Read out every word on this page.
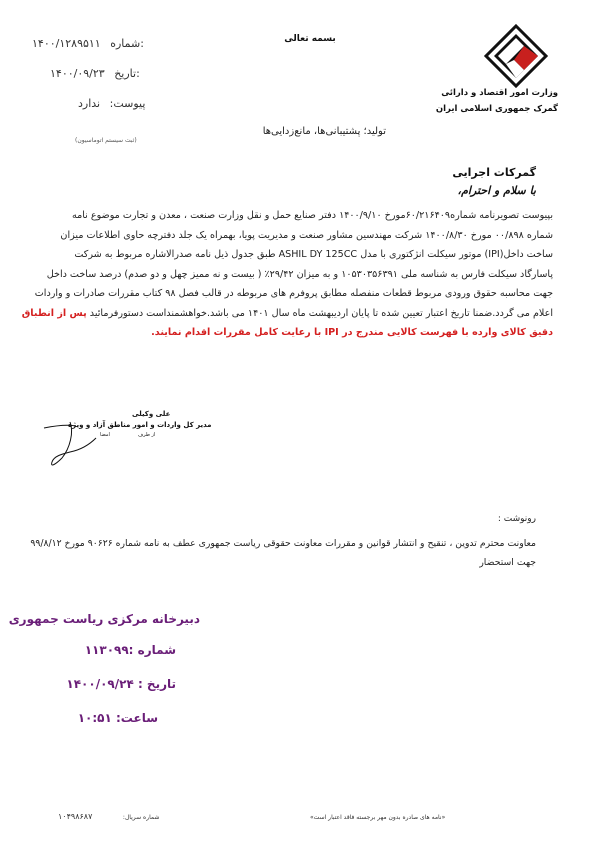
بسمه تعالی
وزارت امور اقتصاد و دارائی
گمرک جمهوری اسلامی ایران
۱۴۰۰/۱۲۸۹۵۱۱ شماره:
۱۴۰۰/۰۹/۲۳ تاریخ:
پیوست: ندارد
(ثبت سیستم اتوماسیون)
تولید؛ پشتیبانی‌ها، مانع‌زدایی‌ها
گمرکات اجرایی
با سلام و احترام،
بپیوست تصویرنامه شماره۶۰/۲۱۶۴۰۹مورخ ۱۴۰۰/۹/۱۰ دفتر صنایع حمل و نقل وزارت صنعت ، معدن و تجارت موضوع نامه
شماره ۰۰/۸۹۸ مورخ ۱۴۰۰/۸/۳۰ شرکت مهندسین مشاور صنعت و مدیریت پویا، بهمراه یک جلد دفترچه حاوی اطلاعات میزان
ساخت داخل(IPI) موتور سیکلت انژکتوری با مدل ASHIL DY 125CC طبق جدول ذیل نامه صدرالاشاره مربوط به شرکت
پاسارگاد سیکلت فارس به شناسه ملی ۱۰۵۳۰۳۵۶۳۹۱ و به میزان ۲۹/۴۲٪ ( بیست و نه ممیز چهل و دو صدم) درصد ساخت داخل
جهت محاسبه حقوق ورودی مربوط قطعات منفصله مطابق پروفرم های مربوطه در قالب فصل ۹۸ کتاب مقررات صادرات و واردات
اعلام می گردد.ضمنا تاریخ اعتبار تعیین شده تا پایان اردیبهشت ماه سال ۱۴۰۱ می باشد.خواهشمنداست دستورفرمائید پس از انطباق
دقیق کالای وارده با فهرست کالایی مندرج در IPI با رعایت کامل مقررات اقدام نمایند.
علی وکیلی
مدیر کل واردات و امور مناطق آزاد و ویژه
از طرف
امضا
رونوشت :
معاونت محترم تدوین ، تنقیح و انتشار قوانین و مقررات معاونت حقوقی ریاست جمهوری عطف به نامه شماره ۹۰۶۲۶ مورخ ۹۹/۸/۱۲
جهت استحضار
دبیرخانه مرکزی ریاست جمهوری
شماره :۱۱۳۰۹۹
تاریخ : ۱۴۰۰/۰۹/۲۴
ساعت: ۱۰:۵۱
«نامه های صادره بدون مهر برجسته فاقد اعتبار است»
شماره سریال: ۱۰۴۹۸۶۸۷
